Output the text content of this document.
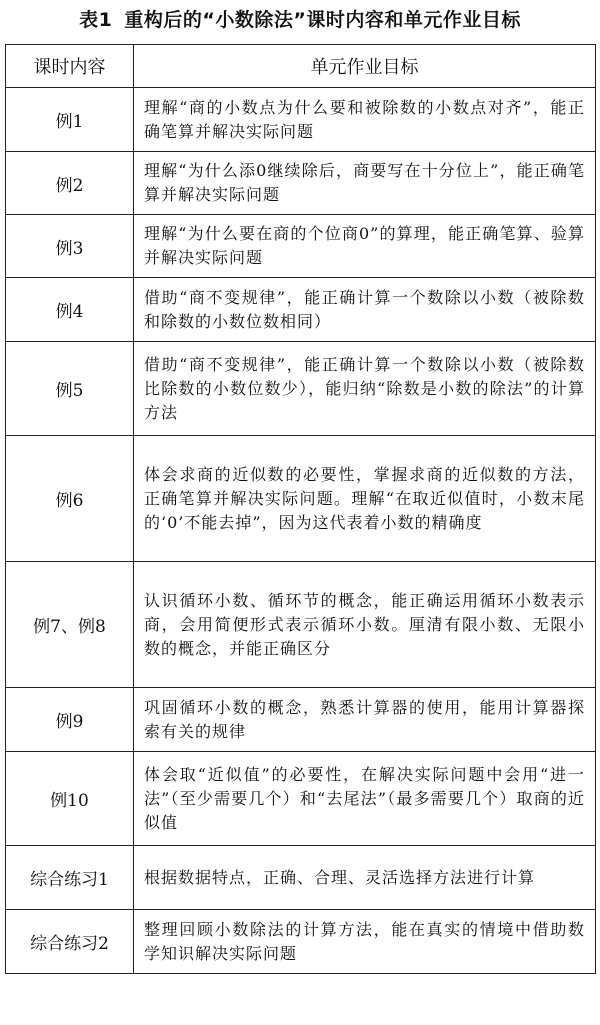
表1 重构后的“小数除法”课时内容和单元作业目标
课时内容	单元作业目标
例1	理解“商的小数点为什么要和被除数的小数点对齐”，能正确笔算并解决实际问题
例2	理解“为什么添0继续除后，商要写在十分位上”，能正确笔算并解决实际问题
例3	理解“为什么要在商的个位商0”的算理，能正确笔算、验算并解决实际问题
例4	借助“商不变规律”，能正确计算一个数除以小数（被除数和除数的小数位数相同）
例5	借助“商不变规律”，能正确计算一个数除以小数（被除数比除数的小数位数少），能归纳“除数是小数的除法”的计算方法
例6	体会求商的近似数的必要性，掌握求商的近似数的方法，正确笔算并解决实际问题。理解“在取近似值时，小数末尾的‘0’不能去掉”，因为这代表着小数的精确度
例7、例8	认识循环小数、循环节的概念，能正确运用循环小数表示商，会用简便形式表示循环小数。厘清有限小数、无限小数的概念，并能正确区分
例9	巩固循环小数的概念，熟悉计算器的使用，能用计算器探索有关的规律
例10	体会取“近似值”的必要性，在解决实际问题中会用“进一法”（至少需要几个）和“去尾法”（最多需要几个）取商的近似值
综合练习1	根据数据特点，正确、合理、灵活选择方法进行计算
综合练习2	整理回顾小数除法的计算方法，能在真实的情境中借助数学知识解决实际问题
